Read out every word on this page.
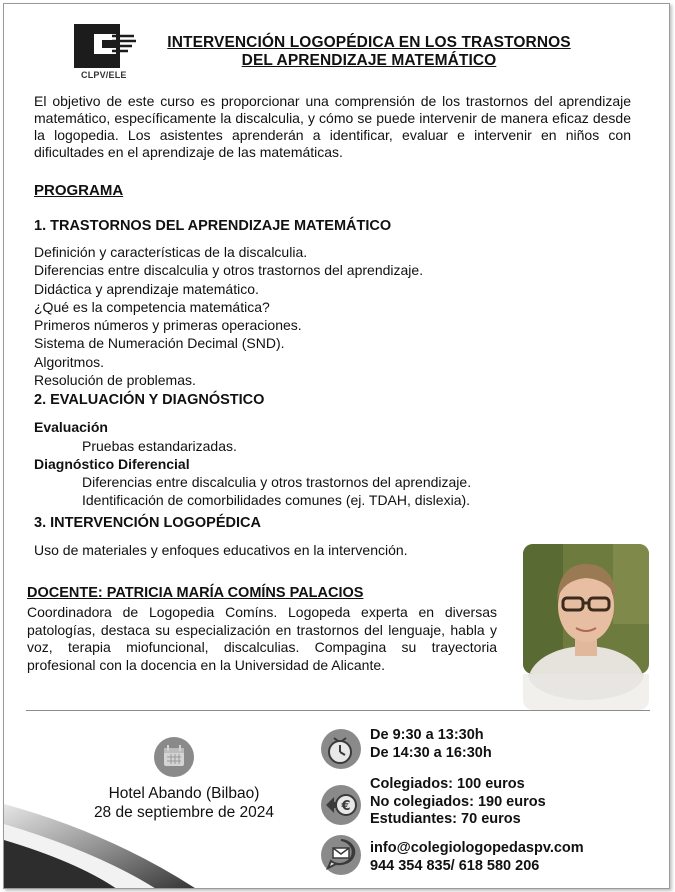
CLPV/ELE
INTERVENCIÓN LOGOPÉDICA EN LOS TRASTORNOS
DEL APRENDIZAJE MATEMÁTICO

El objetivo de este curso es proporcionar una comprensión de los trastornos del aprendizaje matemático, específicamente la discalculia, y cómo se puede intervenir de manera eficaz desde la logopedia. Los asistentes aprenderán a identificar, evaluar e intervenir en niños con dificultades en el aprendizaje de las matemáticas.

PROGRAMA
1. TRASTORNOS DEL APRENDIZAJE MATEMÁTICO
Definición y características de la discalculia.
Diferencias entre discalculia y otros trastornos del aprendizaje.
Didáctica y aprendizaje matemático.
¿Qué es la competencia matemática?
Primeros números y primeras operaciones.
Sistema de Numeración Decimal (SND).
Algoritmos.
Resolución de problemas.
2. EVALUACIÓN Y DIAGNÓSTICO
Evaluación
Pruebas estandarizadas.
Diagnóstico Diferencial
Diferencias entre discalculia y otros trastornos del aprendizaje.
Identificación de comorbilidades comunes (ej. TDAH, dislexia).
3. INTERVENCIÓN LOGOPÉDICA
Uso de materiales y enfoques educativos en la intervención.
DOCENTE: PATRICIA MARÍA COMÍNS PALACIOS

Coordinadora de Logopedia Comíns. Logopeda experta en diversas patologías, destaca su especialización en trastornos del lenguaje, habla y voz, terapia miofuncional, discalculias. Compagina su trayectoria profesional con la docencia en la Universidad de Alicante.

Hotel Abando (Bilbao)
28 de septiembre de 2024
De 9:30 a 13:30h
De 14:30 a 16:30h
€
Colegiados: 100 euros
No colegiados: 190 euros
Estudiantes: 70 euros
info@colegiologopedaspv.com
944 354 835/ 618 580 206
